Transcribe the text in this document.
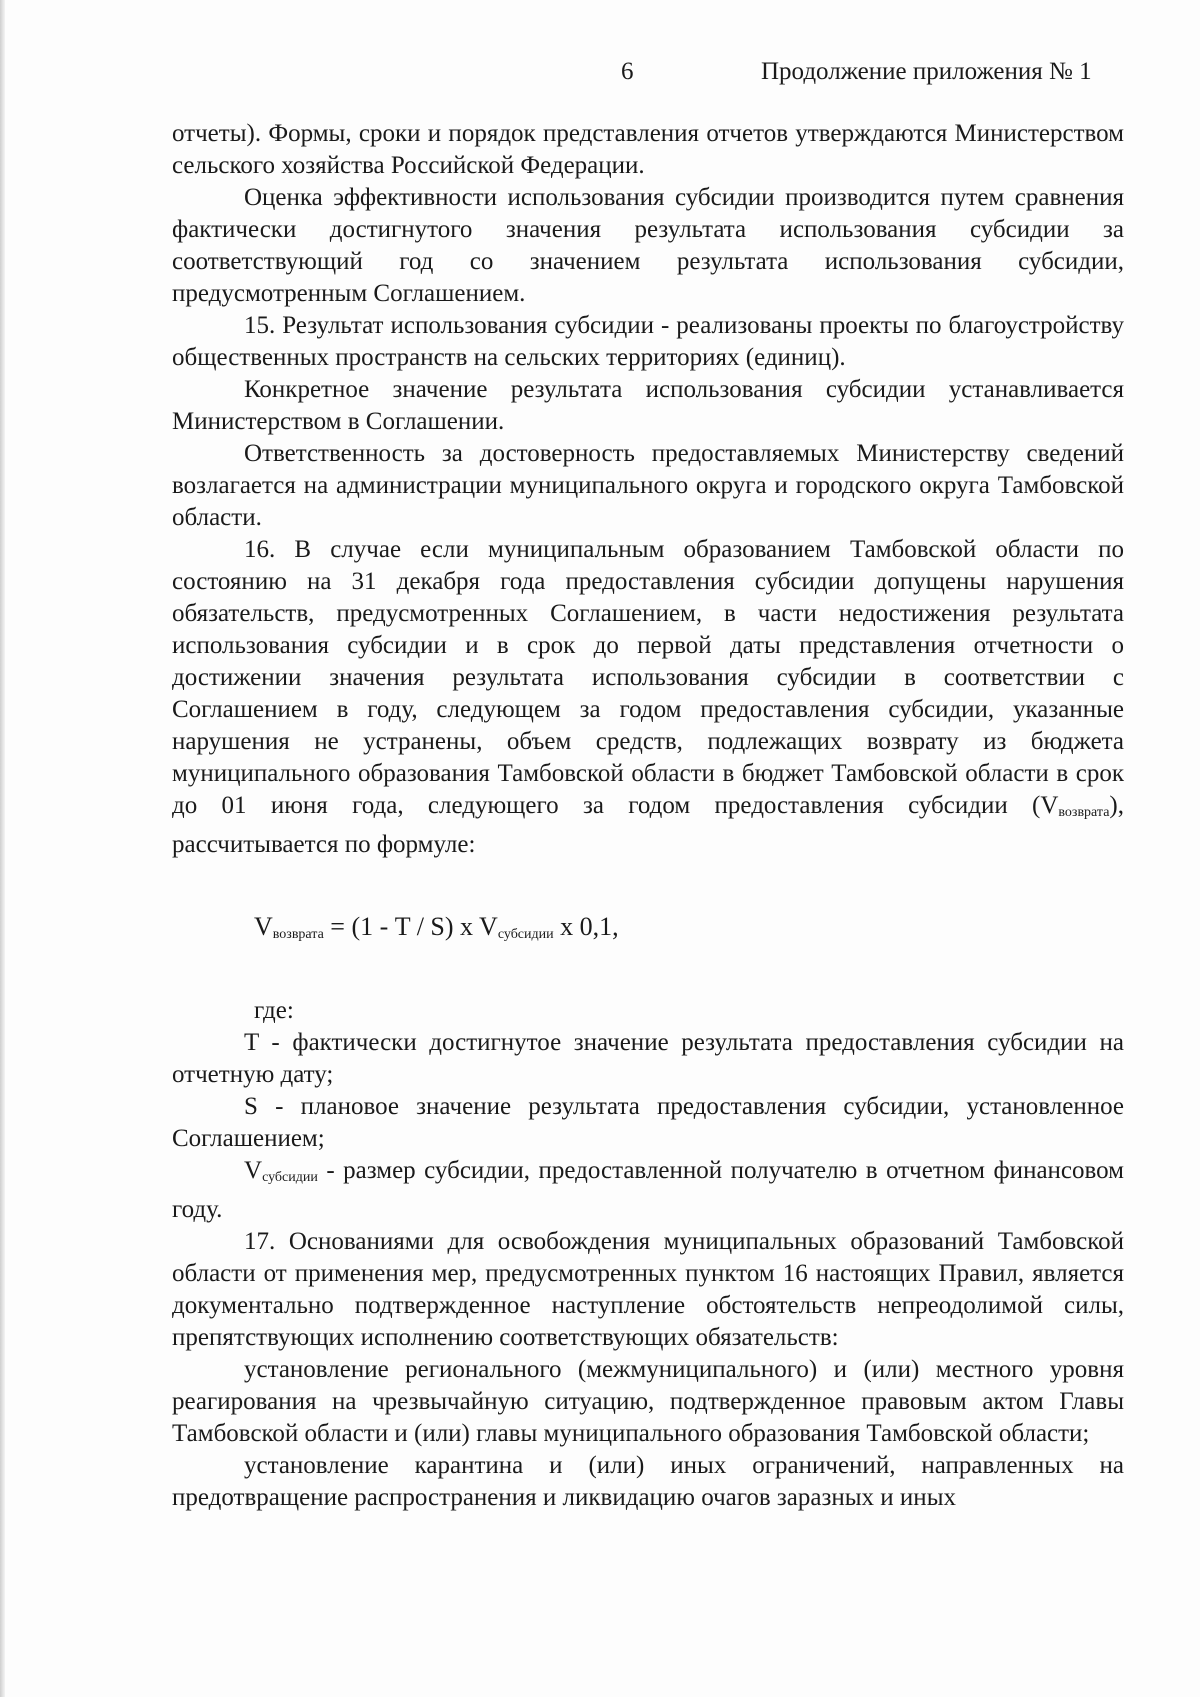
6	Продолжение приложения № 1

отчеты). Формы, сроки и порядок представления отчетов утверждаются Министерством сельского хозяйства Российской Федерации.

Оценка эффективности использования субсидии производится путем сравнения фактически достигнутого значения результата использования субсидии за соответствующий год со значением результата использования субсидии, предусмотренным Соглашением.

15. Результат использования субсидии - реализованы проекты по благоустройству общественных пространств на сельских территориях (единиц).

Конкретное значение результата использования субсидии устанавливается Министерством в Соглашении.

Ответственность за достоверность предоставляемых Министерству сведений возлагается на администрации муниципального округа и городского округа Тамбовской области.

16. В случае если муниципальным образованием Тамбовской области по состоянию на 31 декабря года предоставления субсидии допущены нарушения обязательств, предусмотренных Соглашением, в части недостижения результата использования субсидии и в срок до первой даты представления отчетности о достижении значения результата использования субсидии в соответствии с Соглашением в году, следующем за годом предоставления субсидии, указанные нарушения не устранены, объем средств, подлежащих возврату из бюджета муниципального образования Тамбовской области в бюджет Тамбовской области в срок до 01 июня года, следующего за годом предоставления субсидии $(V_{возврата})$, рассчитывается по формуле:

$V_{возврата} = (1 - T / S)$ x $V_{субсидии}$ x 0,1,

где:

T - фактически достигнутое значение результата предоставления субсидии на отчетную дату;

S - плановое значение результата предоставления субсидии, установленное Соглашением;

$V_{субсидии}$ - размер субсидии, предоставленной получателю в отчетном финансовом году.

17. Основаниями для освобождения муниципальных образований Тамбовской области от применения мер, предусмотренных пунктом 16 настоящих Правил, является документально подтвержденное наступление обстоятельств непреодолимой силы, препятствующих исполнению соответствующих обязательств:

установление регионального (межмуниципального) и (или) местного уровня реагирования на чрезвычайную ситуацию, подтвержденное правовым актом Главы Тамбовской области и (или) главы муниципального образования Тамбовской области;

установление карантина и (или) иных ограничений, направленных на предотвращение распространения и ликвидацию очагов заразных и иных
